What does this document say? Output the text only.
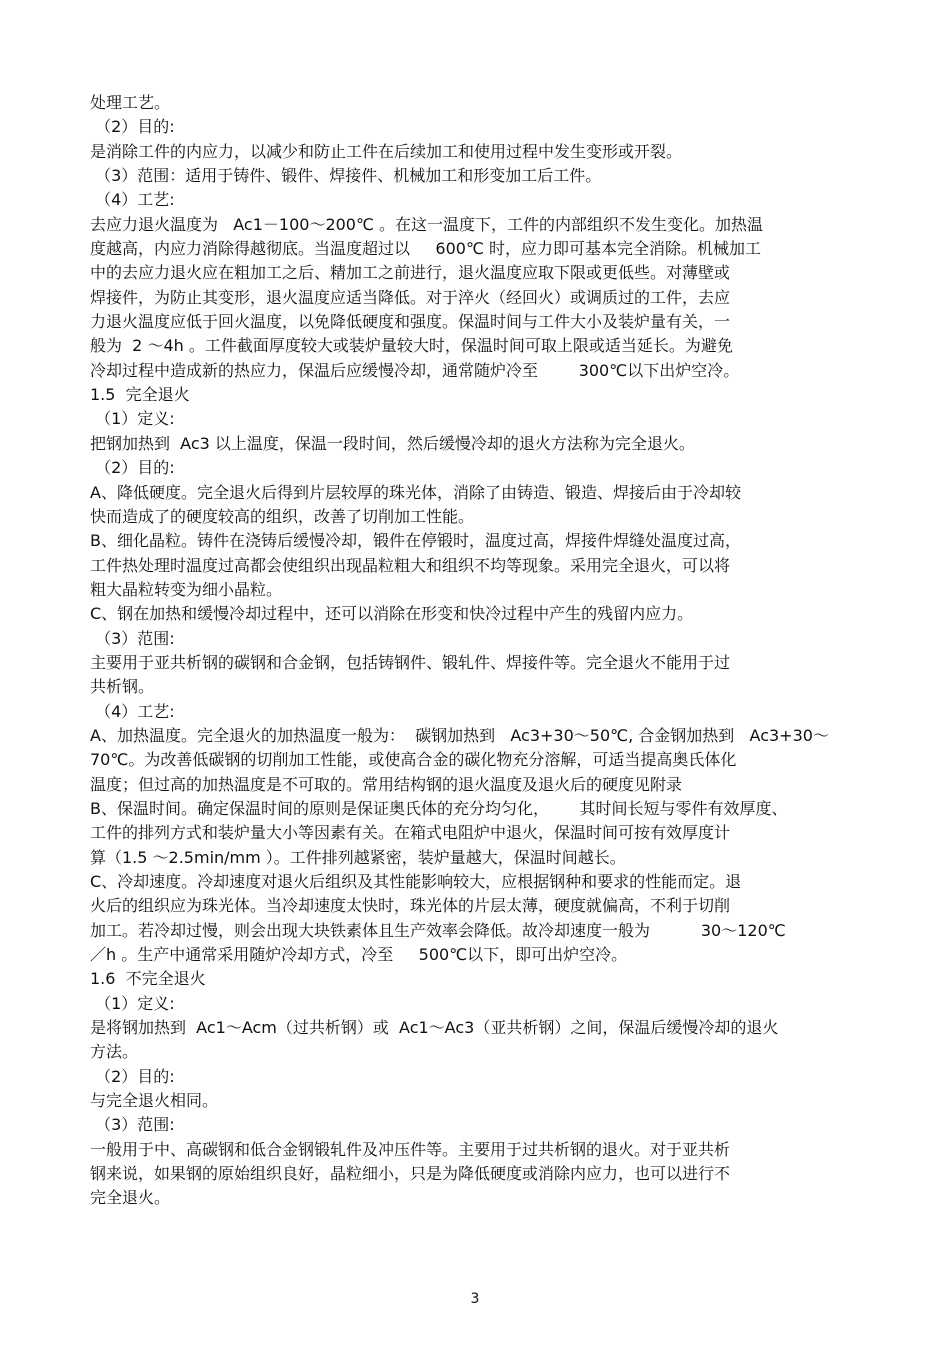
处理工艺。
（2）目的:
是消除工件的内应力，以减少和防止工件在后续加工和使用过程中发生变形或开裂。
（3）范围：适用于铸件、锻件、焊接件、机械加工和形变加工后工件。
（4）工艺:
去应力退火温度为   Ac1－100～200℃ 。在这一温度下，工件的内部组织不发生变化。加热温
度越高，内应力消除得越彻底。当温度超过以     600℃ 时，应力即可基本完全消除。机械加工
中的去应力退火应在粗加工之后、精加工之前进行，退火温度应取下限或更低些。对薄壁或
焊接件，为防止其变形，退火温度应适当降低。对于淬火（经回火）或调质过的工件，去应
力退火温度应低于回火温度，以免降低硬度和强度。保温时间与工件大小及装炉量有关，一
般为  2 ～4h 。工件截面厚度较大或装炉量较大时，保温时间可取上限或适当延长。为避免
冷却过程中造成新的热应力，保温后应缓慢冷却，通常随炉冷至        300℃以下出炉空冷。
1.5  完全退火
（1）定义:
把钢加热到  Ac3 以上温度，保温一段时间，然后缓慢冷却的退火方法称为完全退火。
（2）目的:
A、降低硬度。完全退火后得到片层较厚的珠光体，消除了由铸造、锻造、焊接后由于冷却较
快而造成了的硬度较高的组织，改善了切削加工性能。
B、细化晶粒。铸件在浇铸后缓慢冷却，锻件在停锻时，温度过高，焊接件焊缝处温度过高，
工件热处理时温度过高都会使组织出现晶粒粗大和组织不均等现象。采用完全退火，可以将
粗大晶粒转变为细小晶粒。
C、钢在加热和缓慢冷却过程中，还可以消除在形变和快冷过程中产生的残留内应力。
（3）范围:
主要用于亚共析钢的碳钢和合金钢，包括铸钢件、锻轧件、焊接件等。完全退火不能用于过
共析钢。
（4）工艺:
A、加热温度。完全退火的加热温度一般为：  碳钢加热到   Ac3+30～50℃, 合金钢加热到   Ac3+30～
70℃。为改善低碳钢的切削加工性能，或使高合金的碳化物充分溶解，可适当提高奥氏体化
温度；但过高的加热温度是不可取的。常用结构钢的退火温度及退火后的硬度见附录
B、保温时间。确定保温时间的原则是保证奥氏体的充分均匀化，      其时间长短与零件有效厚度、
工件的排列方式和装炉量大小等因素有关。在箱式电阻炉中退火，保温时间可按有效厚度计
算（1.5 ～2.5min/mm ）。工件排列越紧密，装炉量越大，保温时间越长。
C、冷却速度。冷却速度对退火后组织及其性能影响较大，应根据钢种和要求的性能而定。退
火后的组织应为珠光体。当冷却速度太快时，珠光体的片层太薄，硬度就偏高，不利于切削
加工。若冷却过慢，则会出现大块铁素体且生产效率会降低。故冷却速度一般为          30～120℃
／h 。生产中通常采用随炉冷却方式，冷至     500℃以下，即可出炉空冷。
1.6  不完全退火
（1）定义:
是将钢加热到  Ac1～Acm（过共析钢）或  Ac1～Ac3（亚共析钢）之间，保温后缓慢冷却的退火
方法。
（2）目的:
与完全退火相同。
（3）范围:
一般用于中、高碳钢和低合金钢锻轧件及冲压件等。主要用于过共析钢的退火。对于亚共析
钢来说，如果钢的原始组织良好，晶粒细小，只是为降低硬度或消除内应力，也可以进行不
完全退火。
3
